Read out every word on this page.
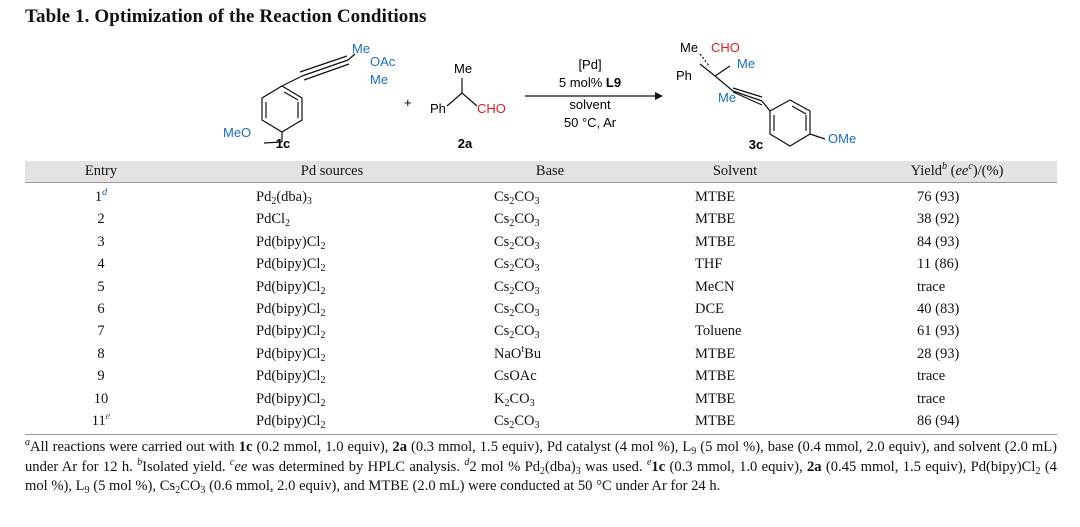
Table 1. Optimization of the Reaction Conditions
Me
OAc
Me
MeO
1c
+
Me
Ph CHO
2a
[Pd]
5 mol% L9
solvent
50 °C, Ar
Me CHO
Ph
Me
Me
OMe
3c
Entry	Pd sources	Base	Solvent	Yield$^b$ (ee$^c$)/(%)
1$^d$	$Pd_2(dba)_3$	$Cs_2CO_3$	MTBE	76 (93)
2	PdCl$_2$	$Cs_2CO_3$	MTBE	38 (92)
3	$Pd(bipy)Cl_2$	$Cs_2CO_3$	MTBE	84 (93)
4	$Pd(bipy)Cl_2$	$Cs_2CO_3$	THF	11 (86)
5	$Pd(bipy)Cl_2$	$Cs_2CO_3$	MeCN	trace
6	$Pd(bipy)Cl_2$	$Cs_2CO_3$	DCE	40 (83)
7	$Pd(bipy)Cl_2$	$Cs_2CO_3$	Toluene	61 (93)
8	$Pd(bipy)Cl_2$	NaO$^t$Bu	MTBE	28 (93)
9	$Pd(bipy)Cl_2$	CsOAc	MTBE	trace
10	$Pd(bipy)Cl_2$	$K_2CO_3$	MTBE	trace
11e	$Pd(bipy)Cl_2$	$Cs_2CO_3$	MTBE	86 (94)
$^a$All reactions were carried out with 1c (0.2 mmol, 1.0 equiv), 2a (0.3 mmol, 1.5 equiv), Pd catalyst (4 mol %), $L_9$ (5 mol %), base (0.4 mmol, 2.0 equiv), and solvent (2.0 mL) under Ar for 12 h. $^b$Isolated yield. $^c$ee was determined by HPLC analysis. $^d$2 mol % $Pd_2(dba)_3$ was used. $^e$1c (0.3 mmol, 1.0 equiv), 2a (0.45 mmol, 1.5 equiv), $Pd(bipy)Cl_2$ (4 mol %), $L_9$ (5 mol %), $Cs_2CO_3$ (0.6 mmol, 2.0 equiv), and MTBE (2.0 mL) were conducted at 50 °C under Ar for 24 h.
